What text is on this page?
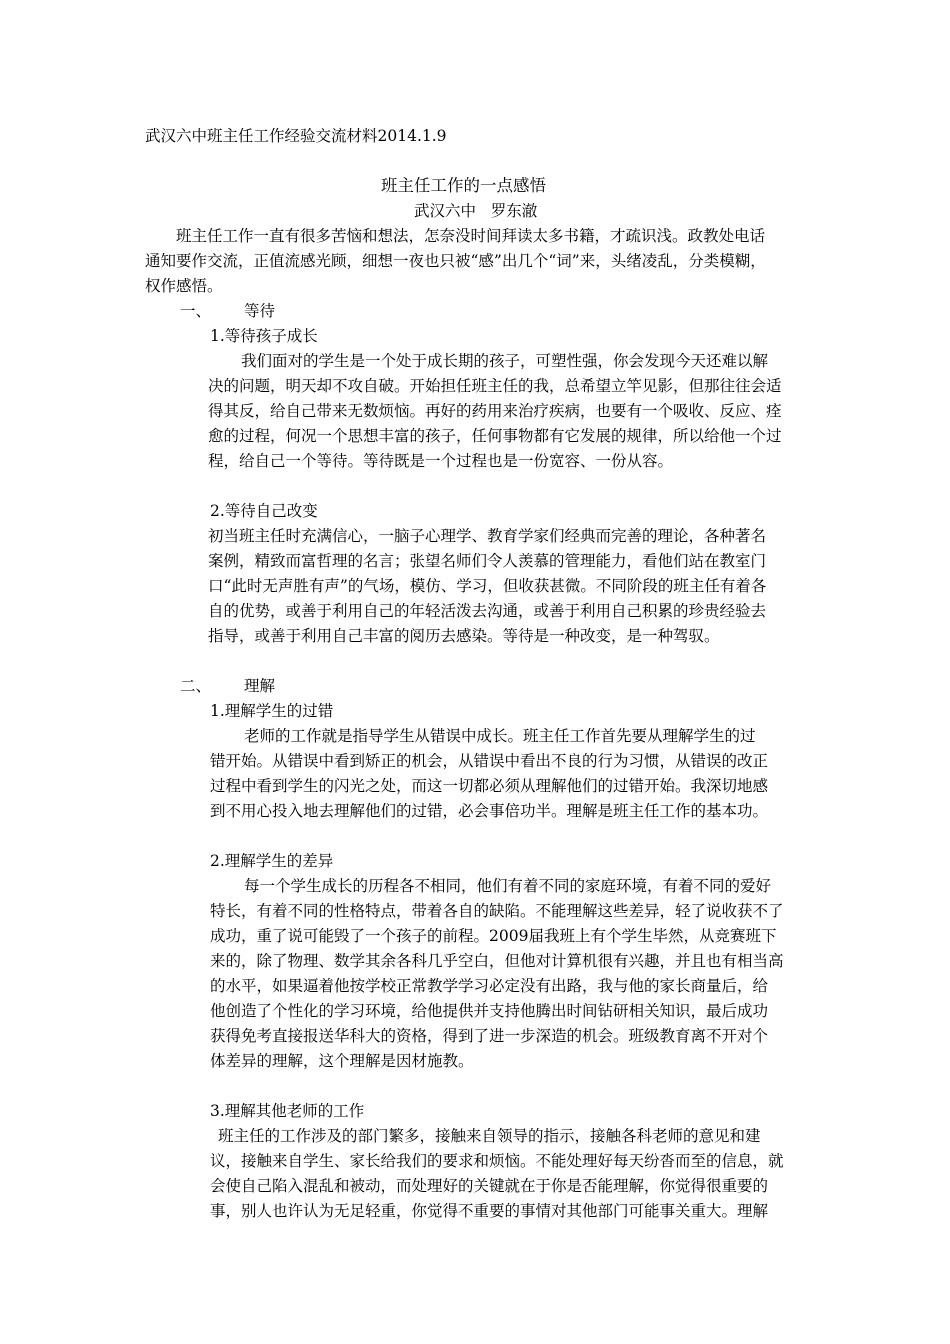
武汉六中班主任工作经验交流材料2014.1.9
班主任工作的一点感悟
武汉六中   罗东澈
班主任工作一直有很多苦恼和想法，怎奈没时间拜读太多书籍，才疏识浅。政教处电话
通知要作交流，正值流感光顾，细想一夜也只被“感”出几个“词”来，头绪凌乱，分类模糊，
权作感悟。
一、 等待
1.等待孩子成长
我们面对的学生是一个处于成长期的孩子，可塑性强，你会发现今天还难以解
决的问题，明天却不攻自破。开始担任班主任的我，总希望立竿见影，但那往往会适
得其反，给自己带来无数烦恼。再好的药用来治疗疾病，也要有一个吸收、反应、痊
愈的过程，何况一个思想丰富的孩子，任何事物都有它发展的规律，所以给他一个过
程，给自己一个等待。等待既是一个过程也是一份宽容、一份从容。
2.等待自己改变
初当班主任时充满信心，一脑子心理学、教育学家们经典而完善的理论，各种著名
案例，精致而富哲理的名言；张望名师们令人羡慕的管理能力，看他们站在教室门
口“此时无声胜有声”的气场，模仿、学习，但收获甚微。不同阶段的班主任有着各
自的优势，或善于利用自己的年轻活泼去沟通，或善于利用自己积累的珍贵经验去
指导，或善于利用自己丰富的阅历去感染。等待是一种改变，是一种驾驭。
二、 理解
1.理解学生的过错
老师的工作就是指导学生从错误中成长。班主任工作首先要从理解学生的过
错开始。从错误中看到矫正的机会，从错误中看出不良的行为习惯，从错误的改正
过程中看到学生的闪光之处，而这一切都必须从理解他们的过错开始。我深切地感
到不用心投入地去理解他们的过错，必会事倍功半。理解是班主任工作的基本功。
2.理解学生的差异
每一个学生成长的历程各不相同，他们有着不同的家庭环境，有着不同的爱好
特长，有着不同的性格特点，带着各自的缺陷。不能理解这些差异，轻了说收获不了
成功，重了说可能毁了一个孩子的前程。2009届我班上有个学生毕然，从竞赛班下
来的，除了物理、数学其余各科几乎空白，但他对计算机很有兴趣，并且也有相当高
的水平，如果逼着他按学校正常教学学习必定没有出路，我与他的家长商量后，给
他创造了个性化的学习环境，给他提供并支持他腾出时间钻研相关知识，最后成功
获得免考直接报送华科大的资格，得到了进一步深造的机会。班级教育离不开对个
体差异的理解，这个理解是因材施教。
3.理解其他老师的工作
班主任的工作涉及的部门繁多，接触来自领导的指示，接触各科老师的意见和建
议，接触来自学生、家长给我们的要求和烦恼。不能处理好每天纷沓而至的信息，就
会使自己陷入混乱和被动，而处理好的关键就在于你是否能理解，你觉得很重要的
事，别人也许认为无足轻重，你觉得不重要的事情对其他部门可能事关重大。理解
